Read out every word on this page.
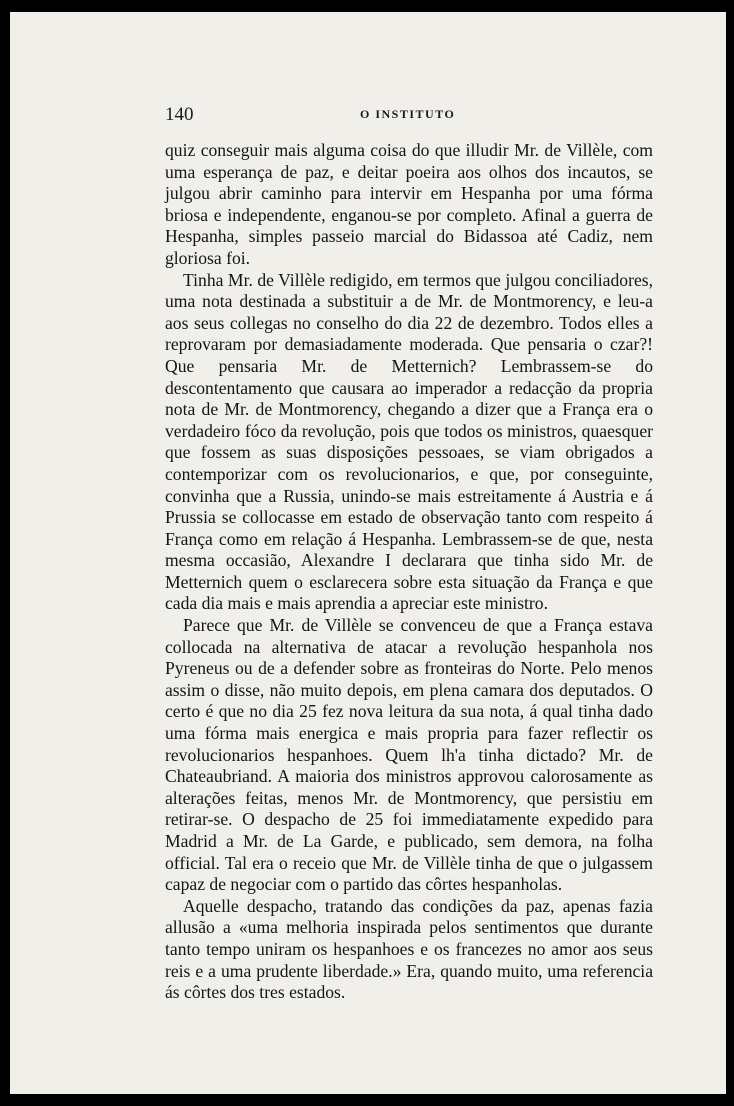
140	O INSTITUTO

quiz conseguir mais alguma coisa do que illudir Mr. de Villèle, com uma esperança de paz, e deitar poeira aos olhos dos incautos, se julgou abrir caminho para intervir em Hespanha por uma fórma briosa e independente, enganou-se por completo. Afinal a guerra de Hespanha, simples passeio marcial do Bidassoa até Cadiz, nem gloriosa foi.

Tinha Mr. de Villèle redigido, em termos que julgou conciliadores, uma nota destinada a substituir a de Mr. de Montmorency, e leu-a aos seus collegas no conselho do dia 22 de dezembro. Todos elles a reprovaram por demasiadamente moderada. Que pensaria o czar?! Que pensaria Mr. de Metternich? Lembrassem-se do descontentamento que causara ao imperador a redacção da propria nota de Mr. de Montmorency, chegando a dizer que a França era o verdadeiro fóco da revolução, pois que todos os ministros, quaesquer que fossem as suas disposições pessoaes, se viam obrigados a contemporizar com os revolucionarios, e que, por conseguinte, convinha que a Russia, unindo-se mais estreitamente á Austria e á Prussia se collocasse em estado de observação tanto com respeito á França como em relação á Hespanha. Lembrassem-se de que, nesta mesma occasião, Alexandre I declarara que tinha sido Mr. de Metternich quem o esclarecera sobre esta situação da França e que cada dia mais e mais aprendia a apreciar este ministro.

Parece que Mr. de Villèle se convenceu de que a França estava collocada na alternativa de atacar a revolução hespanhola nos Pyreneus ou de a defender sobre as fronteiras do Norte. Pelo menos assim o disse, não muito depois, em plena camara dos deputados. O certo é que no dia 25 fez nova leitura da sua nota, á qual tinha dado uma fórma mais energica e mais propria para fazer reflectir os revolucionarios hespanhoes. Quem lh'a tinha dictado? Mr. de Chateaubriand. A maioria dos ministros approvou calorosamente as alterações feitas, menos Mr. de Montmorency, que persistiu em retirar-se. O despacho de 25 foi immediatamente expedido para Madrid a Mr. de La Garde, e publicado, sem demora, na folha official. Tal era o receio que Mr. de Villèle tinha de que o julgassem capaz de negociar com o partido das côrtes hespanholas.

Aquelle despacho, tratando das condições da paz, apenas fazia allusão a «uma melhoria inspirada pelos sentimentos que durante tanto tempo uniram os hespanhoes e os francezes no amor aos seus reis e a uma prudente liberdade.» Era, quando muito, uma referencia ás côrtes dos tres estados.
